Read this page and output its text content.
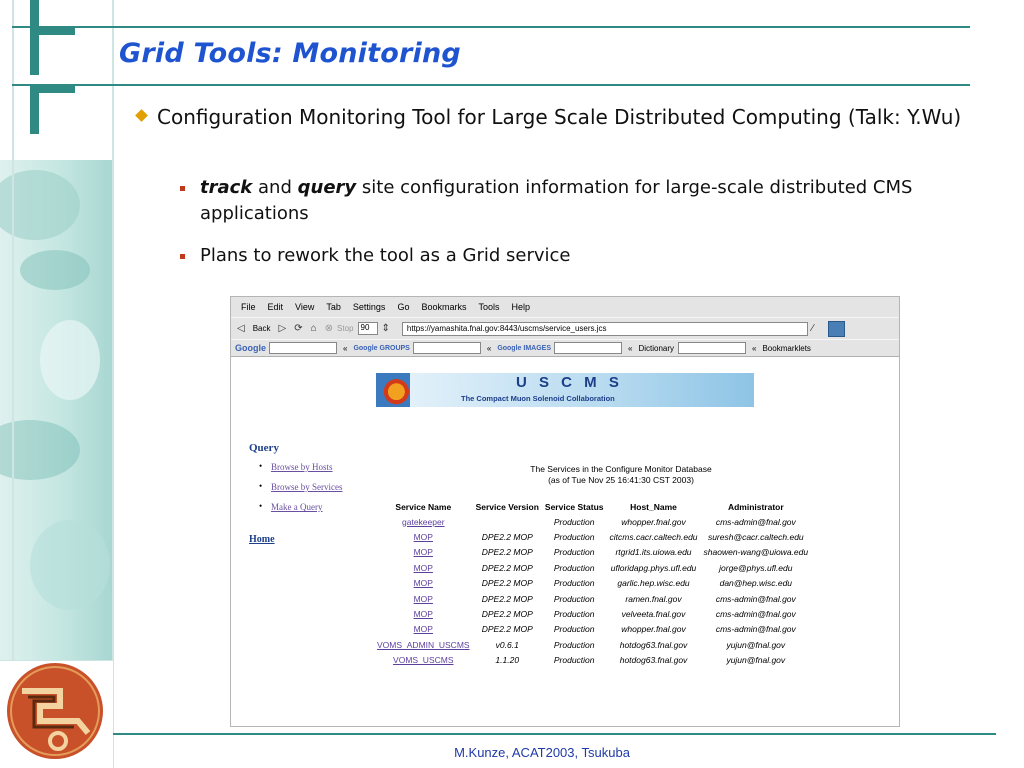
Grid Tools: Monitoring
Configuration Monitoring Tool for Large Scale Distributed Computing (Talk: Y.Wu)
track and query site configuration information for large-scale distributed CMS applications
Plans to rework the tool as a Grid service
File Edit View Tab Settings Go Bookmarks Tools Help
◁ Back ▷ ⟳ ⌂ ⊗ Stop 90	⇕	https://yamashita.fnal.gov:8443/uscms/service_users.jcs	∕
Google	« Google GROUPS	« Google IMAGES	« Dictionary	« Bookmarklets
U S C M S
The Compact Muon Solenoid Collaboration
Query
• Browse by Hosts
• Browse by Services
• Make a Query
Home
The Services in the Configure Monitor Database
(as of Tue Nov 25 16:41:30 CST 2003)
Service Name	Service Version	Service Status	Host_Name	Administrator
gatekeeper		Production	whopper.fnal.gov	cms-admin@fnal.gov
MOP	DPE2.2 MOP	Production	citcms.cacr.caltech.edu	suresh@cacr.caltech.edu
MOP	DPE2.2 MOP	Production	rtgrid1.its.uiowa.edu	shaowen-wang@uiowa.edu
MOP	DPE2.2 MOP	Production	ufloridapg.phys.ufl.edu	jorge@phys.ufl.edu
MOP	DPE2.2 MOP	Production	garlic.hep.wisc.edu	dan@hep.wisc.edu
MOP	DPE2.2 MOP	Production	ramen.fnal.gov	cms-admin@fnal.gov
MOP	DPE2.2 MOP	Production	velveeta.fnal.gov	cms-admin@fnal.gov
MOP	DPE2.2 MOP	Production	whopper.fnal.gov	cms-admin@fnal.gov
VOMS_ADMIN_USCMS	v0.6.1	Production	hotdog63.fnal.gov	yujun@fnal.gov
VOMS_USCMS	1.1.20	Production	hotdog63.fnal.gov	yujun@fnal.gov
M.Kunze, ACAT2003, Tsukuba
